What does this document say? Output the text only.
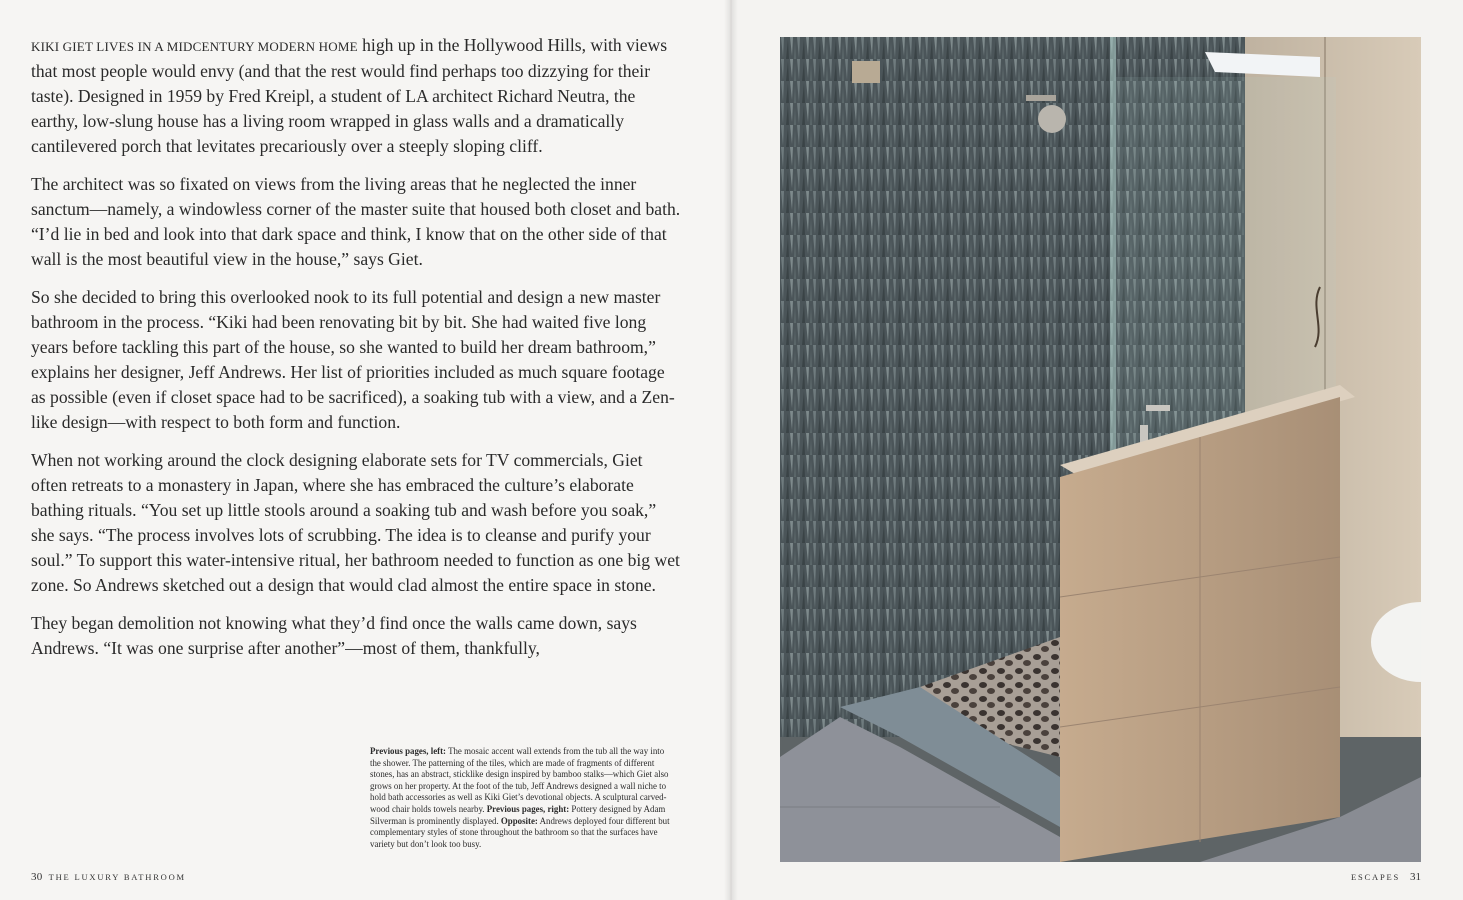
KIKI GIET LIVES IN A MIDCENTURY MODERN HOME high up in the Hollywood Hills, with views that most people would envy (and that the rest would find perhaps too dizzying for their taste). Designed in 1959 by Fred Kreipl, a student of LA architect Richard Neutra, the earthy, low-slung house has a living room wrapped in glass walls and a dramatically cantilevered porch that levitates precariously over a steeply sloping cliff.

The architect was so fixated on views from the living areas that he neglected the inner sanctum—namely, a windowless corner of the master suite that housed both closet and bath. “I’d lie in bed and look into that dark space and think, I know that on the other side of that wall is the most beautiful view in the house,” says Giet.

So she decided to bring this overlooked nook to its full potential and design a new master bathroom in the process. “Kiki had been renovating bit by bit. She had waited five long years before tackling this part of the house, so she wanted to build her dream bathroom,” explains her designer, Jeff Andrews. Her list of priorities included as much square footage as possible (even if closet space had to be sacrificed), a soaking tub with a view, and a Zen-like design—with respect to both form and function.

When not working around the clock designing elaborate sets for TV commercials, Giet often retreats to a monastery in Japan, where she has embraced the culture’s elaborate bathing rituals. “You set up little stools around a soaking tub and wash before you soak,” she says. “The process involves lots of scrubbing. The idea is to cleanse and purify your soul.” To support this water-intensive ritual, her bathroom needed to function as one big wet zone. So Andrews sketched out a design that would clad almost the entire space in stone.

They began demolition not knowing what they’d find once the walls came down, says Andrews. “It was one surprise after another”—most of them, thankfully,

Previous pages, left: The mosaic accent wall extends from the tub all the way into the shower. The patterning of the tiles, which are made of fragments of different stones, has an abstract, sticklike design inspired by bamboo stalks—which Giet also grows on her property. At the foot of the tub, Jeff Andrews designed a wall niche to hold bath accessories as well as Kiki Giet’s devotional objects. A sculptural carved-wood chair holds towels nearby. Previous pages, right: Pottery designed by Adam Silverman is prominently displayed. Opposite: Andrews deployed four different but complementary styles of stone throughout the bathroom so that the surfaces have variety but don’t look too busy.
30 THE LUXURY BATHROOM	ESCAPES 31
